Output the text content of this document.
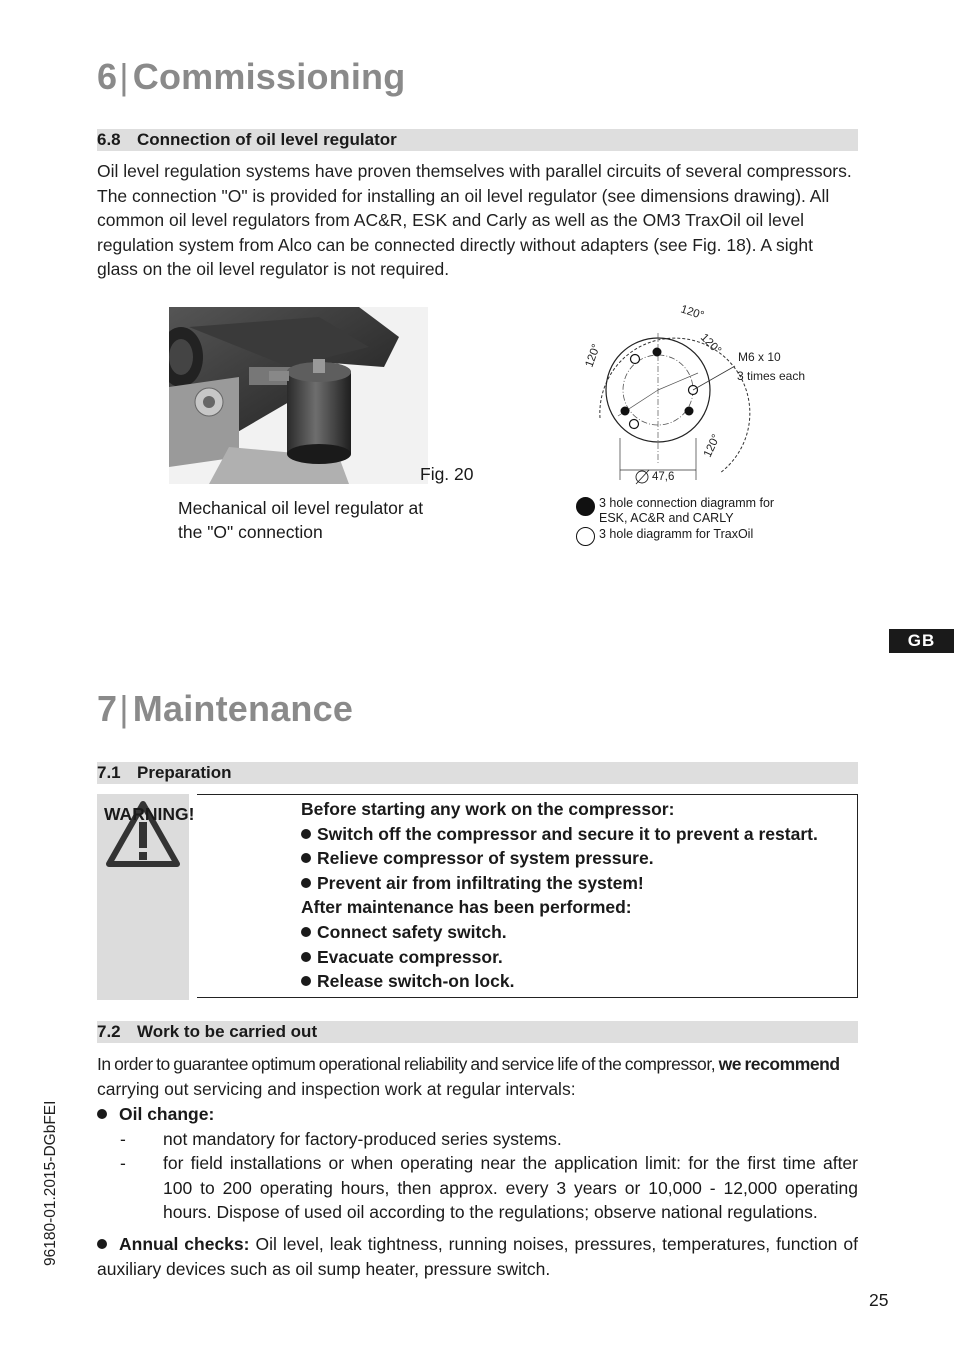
6| Commissioning
6.8 Connection of oil level regulator
Oil level regulation systems have proven themselves with parallel circuits of several compressors. The connection "O" is provided for installing an oil level regulator (see dimensions drawing). All common oil level regulators from AC&R, ESK and Carly as well as the OM3 TraxOil oil level regulation system from Alco can be connected directly without adapters (see Fig. 18). A sight glass on the oil level regulator is not required.
Fig. 20
Mechanical oil level regulator at the "O" connection
47,6
120°
120°
120°
120°
M6 x 10
3 times each
3 hole connection diagramm for
ESK, AC&R and CARLY
3 hole diagramm for TraxOil
GB
7| Maintenance
7.1 Preparation
WARNING!	Before starting any work on the compressor:
Switch off the compressor and secure it to prevent a restart.
Relieve compressor of system pressure.
Prevent air from infiltrating the system!
After maintenance has been performed:
Connect safety switch.
Evacuate compressor.
Release switch-on lock.
7.2 Work to be carried out
In order to guarantee optimum operational reliability and service life of the compressor, we recommend
carrying out servicing and inspection work at regular intervals:
Oil change:
- not mandatory for factory-produced series systems.
- for field installations or when operating near the application limit: for the first time after 100 to 200 operating hours, then approx. every 3 years or 10,000 - 12,000 operating hours. Dispose of used oil according to the regulations; observe national regulations.
Annual checks: Oil level, leak tightness, running noises, pressures, temperatures, function of auxiliary devices such as oil sump heater, pressure switch.
96180-01.2015-DGbFEI
25
